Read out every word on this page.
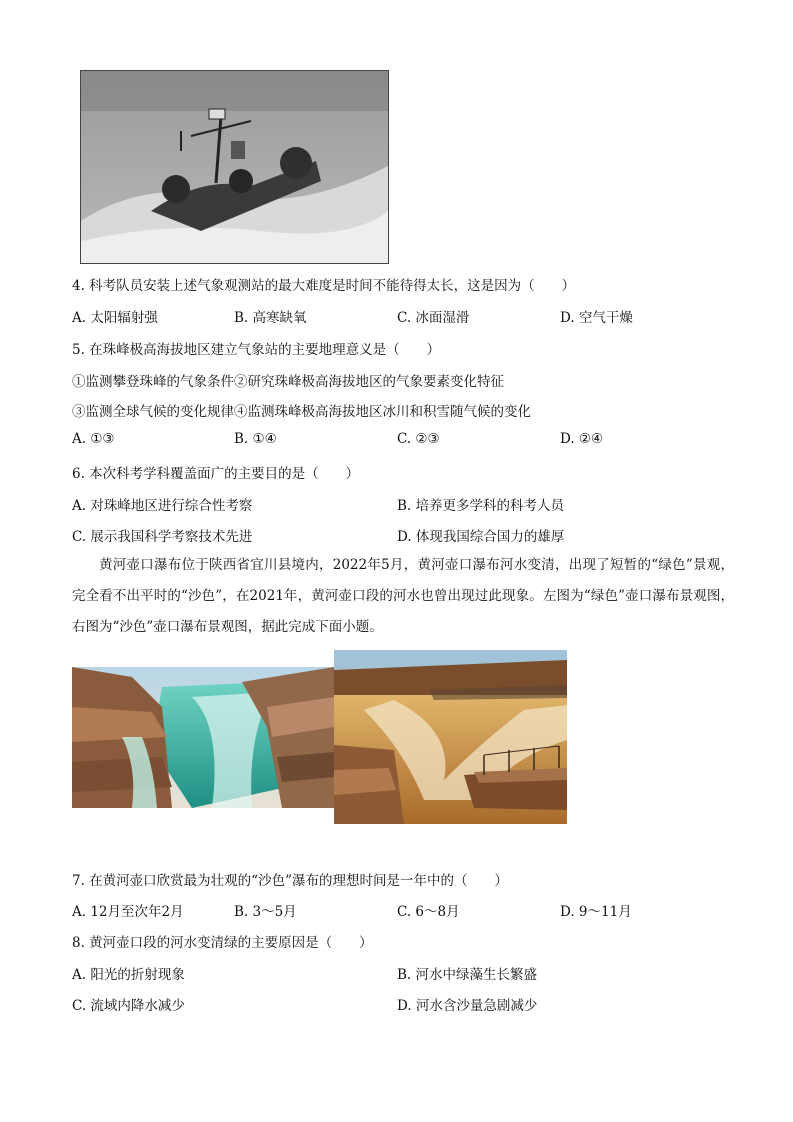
4. 科考队员安装上述气象观测站的最大难度是时间不能待得太长，这是因为（　　）
A. 太阳辐射强	B. 高寒缺氧	C. 冰面湿滑	D. 空气干燥
5. 在珠峰极高海拔地区建立气象站的主要地理意义是（　　）
①监测攀登珠峰的气象条件②研究珠峰极高海拔地区的气象要素变化特征
③监测全球气候的变化规律④监测珠峰极高海拔地区冰川和积雪随气候的变化
A. ①③	B. ①④	C. ②③	D. ②④
6. 本次科考学科覆盖面广的主要目的是（　　）
A. 对珠峰地区进行综合性考察	B. 培养更多学科的科考人员
C. 展示我国科学考察技术先进	D. 体现我国综合国力的雄厚
黄河壶口瀑布位于陕西省宜川县境内，2022年5月，黄河壶口瀑布河水变清，出现了短暂的“绿色”景观，完全看不出平时的“沙色”，在2021年，黄河壶口段的河水也曾出现过此现象。左图为“绿色”壶口瀑布景观图，右图为“沙色”壶口瀑布景观图，据此完成下面小题。
7. 在黄河壶口欣赏最为壮观的“沙色”瀑布的理想时间是一年中的（　　）
A. 12月至次年2月	B. 3～5月	C. 6～8月	D. 9～11月
8. 黄河壶口段的河水变清绿的主要原因是（　　）
A. 阳光的折射现象	B. 河水中绿藻生长繁盛
C. 流域内降水减少	D. 河水含沙量急剧减少
